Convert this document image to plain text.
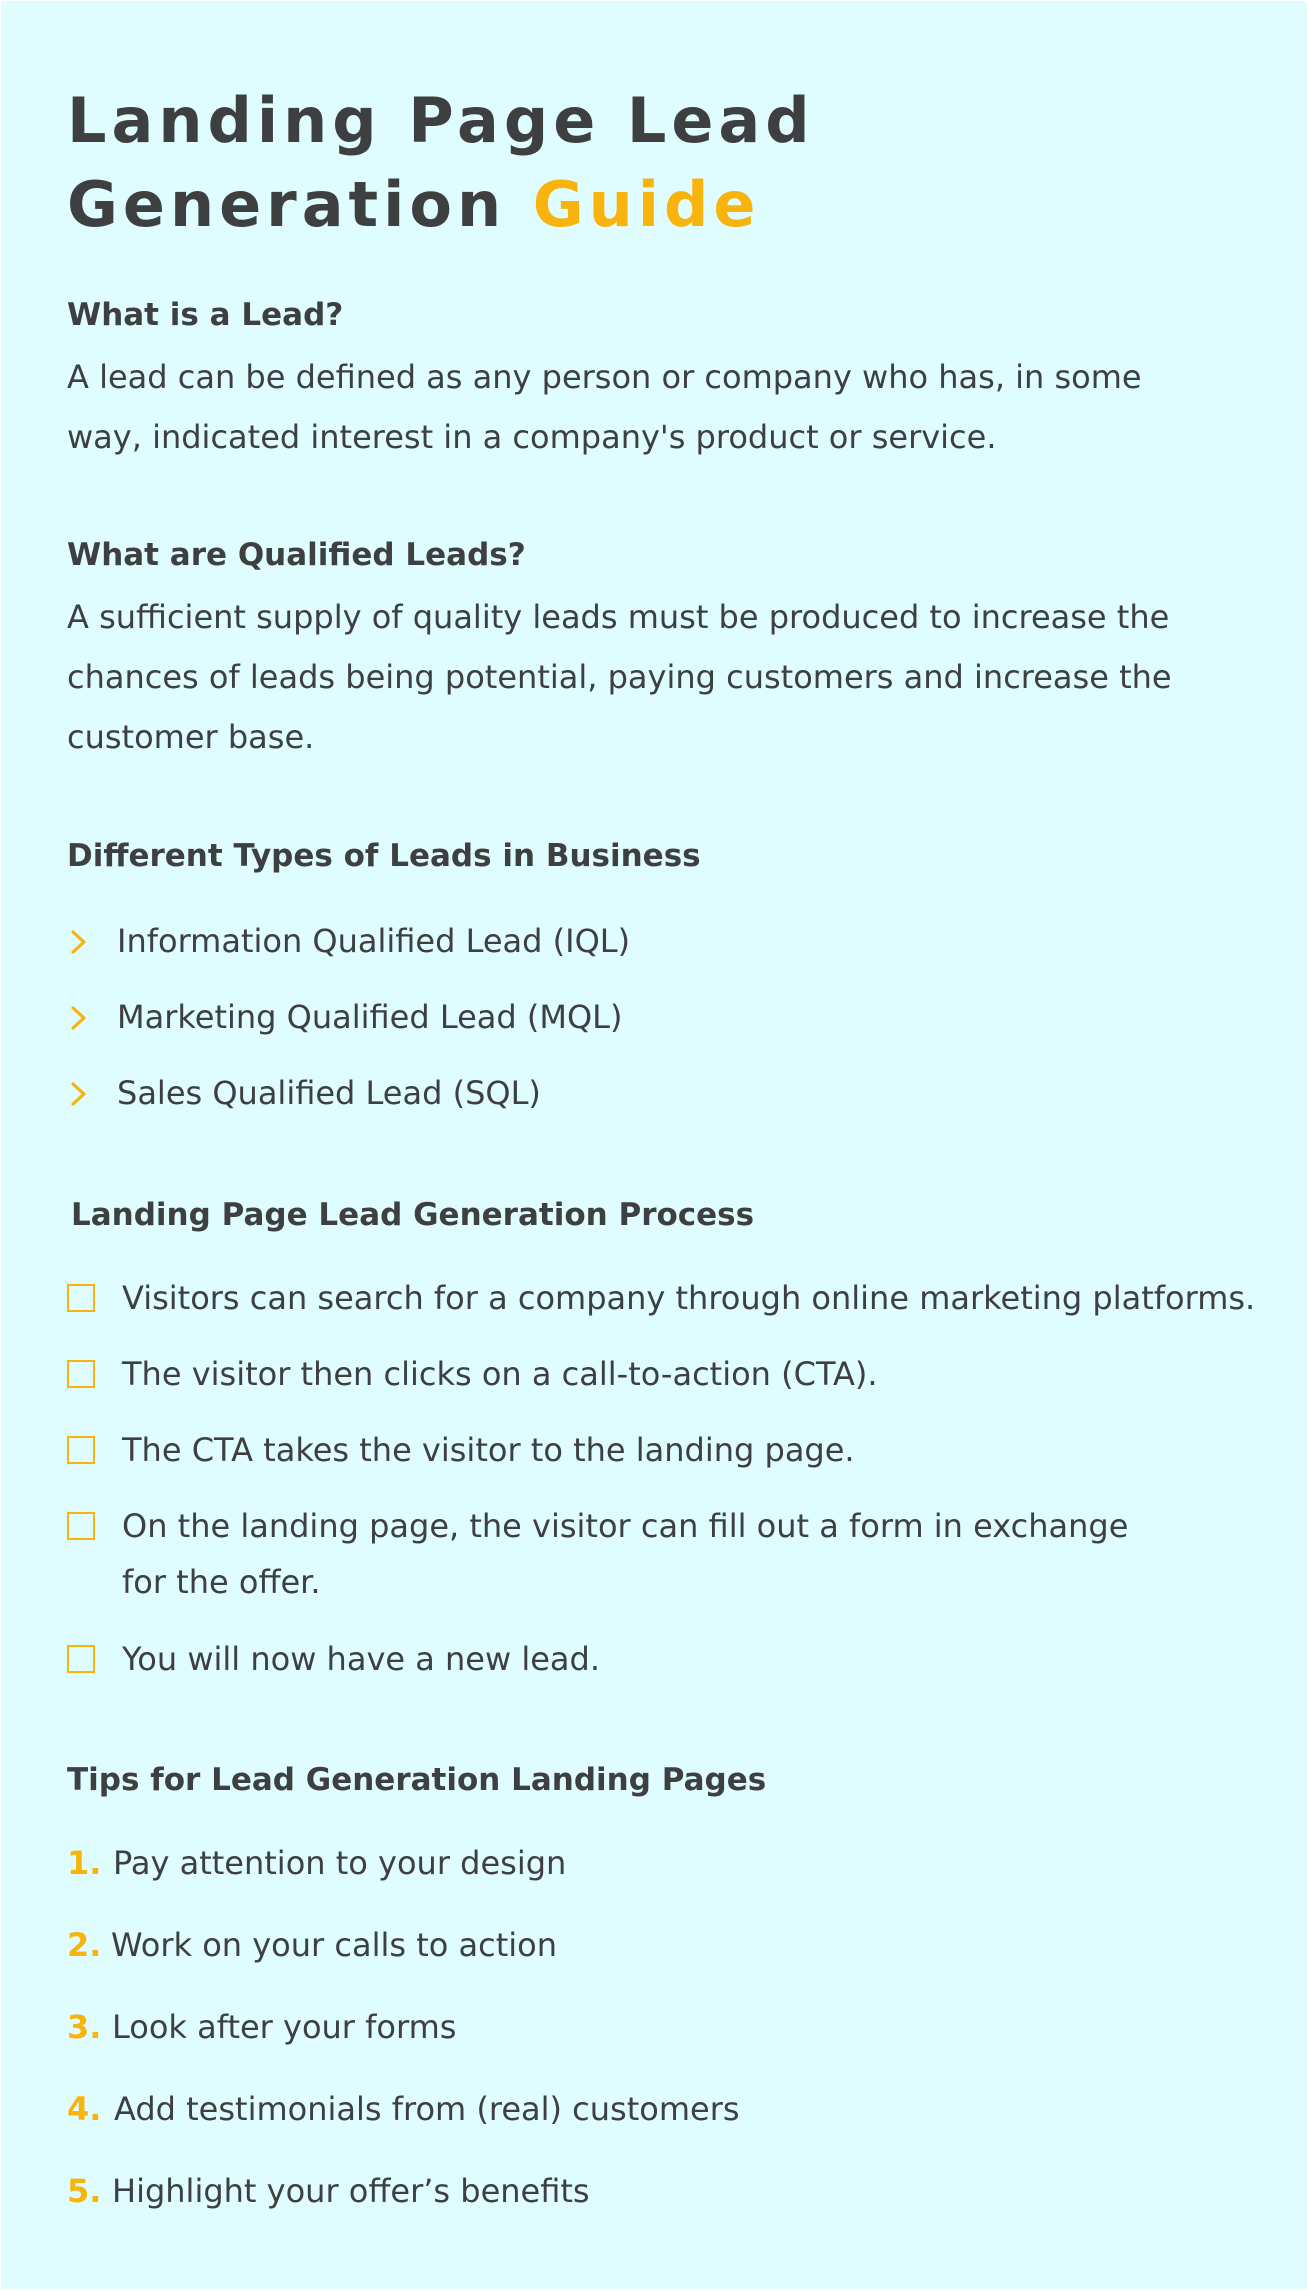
Landing Page Lead
Generation Guide
What is a Lead?

A lead can be defined as any person or company who has, in some way, indicated interest in a company's product or service.

What are Qualified Leads?

A sufficient supply of quality leads must be produced to increase the chances of leads being potential, paying customers and increase the customer base.

Different Types of Leads in Business
Information Qualified Lead (IQL)
Marketing Qualified Lead (MQL)
Sales Qualified Lead (SQL)
Landing Page Lead Generation Process
Visitors can search for a company through online marketing platforms.
The visitor then clicks on a call-to-action (CTA).
The CTA takes the visitor to the landing page.
On the landing page, the visitor can fill out a form in exchange for the offer.
You will now have a new lead.
Tips for Lead Generation Landing Pages
1. Pay attention to your design
2. Work on your calls to action
3. Look after your forms
4. Add testimonials from (real) customers
5. Highlight your offer’s benefits
